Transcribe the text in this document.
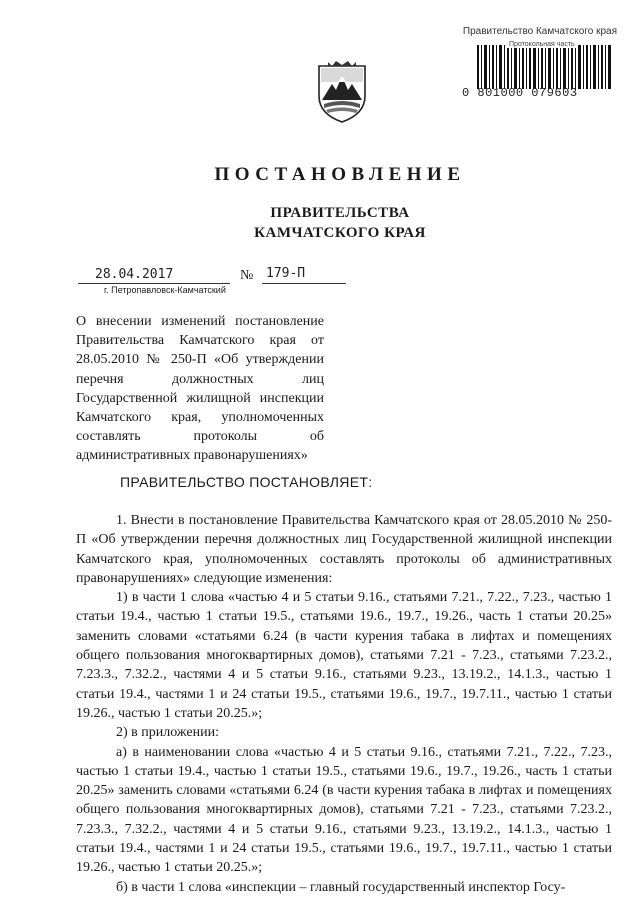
Правительство Камчатского края
Протокольная часть
0 801000 079603
ПОСТАНОВЛЕНИЕ
ПРАВИТЕЛЬСТВА
КАМЧАТСКОГО КРАЯ
28.04.2017	№ 179-П
г. Петропавловск-Камчатский
О внесении изменений постановление Правительства Камчатского края от 28.05.2010 № 250-П «Об утверждении перечня должностных лиц Государственной жилищной инспекции Камчатского края, уполномоченных составлять протоколы об административных правонарушениях»
ПРАВИТЕЛЬСТВО ПОСТАНОВЛЯЕТ:

1. Внести в постановление Правительства Камчатского края от 28.05.2010 № 250-П «Об утверждении перечня должностных лиц Государственной жилищной инспекции Камчатского края, уполномоченных составлять протоколы об административных правонарушениях» следующие изменения:

1) в части 1 слова «частью 4 и 5 статьи 9.16., статьями 7.21., 7.22., 7.23., частью 1 статьи 19.4., частью 1 статьи 19.5., статьями 19.6., 19.7., 19.26., часть 1 статьи 20.25» заменить словами «статьями 6.24 (в части курения табака в лифтах и помещениях общего пользования многоквартирных домов), статьями 7.21 - 7.23., статьями 7.23.2., 7.23.3., 7.32.2., частями 4 и 5 статьи 9.16., статьями 9.23., 13.19.2., 14.1.3., частью 1 статьи 19.4., частями 1 и 24 статьи 19.5., статьями 19.6., 19.7., 19.7.11., частью 1 статьи 19.26., частью 1 статьи 20.25.»;

2) в приложении:

а) в наименовании слова «частью 4 и 5 статьи 9.16., статьями 7.21., 7.22., 7.23., частью 1 статьи 19.4., частью 1 статьи 19.5., статьями 19.6., 19.7., 19.26., часть 1 статьи 20.25» заменить словами «статьями 6.24 (в части курения табака в лифтах и помещениях общего пользования многоквартирных домов), статьями 7.21 - 7.23., статьями 7.23.2., 7.23.3., 7.32.2., частями 4 и 5 статьи 9.16., статьями 9.23., 13.19.2., 14.1.3., частью 1 статьи 19.4., частями 1 и 24 статьи 19.5., статьями 19.6., 19.7., 19.7.11., частью 1 статьи 19.26., частью 1 статьи 20.25.»;

б) в части 1 слова «инспекции – главный государственный инспектор Госу-
